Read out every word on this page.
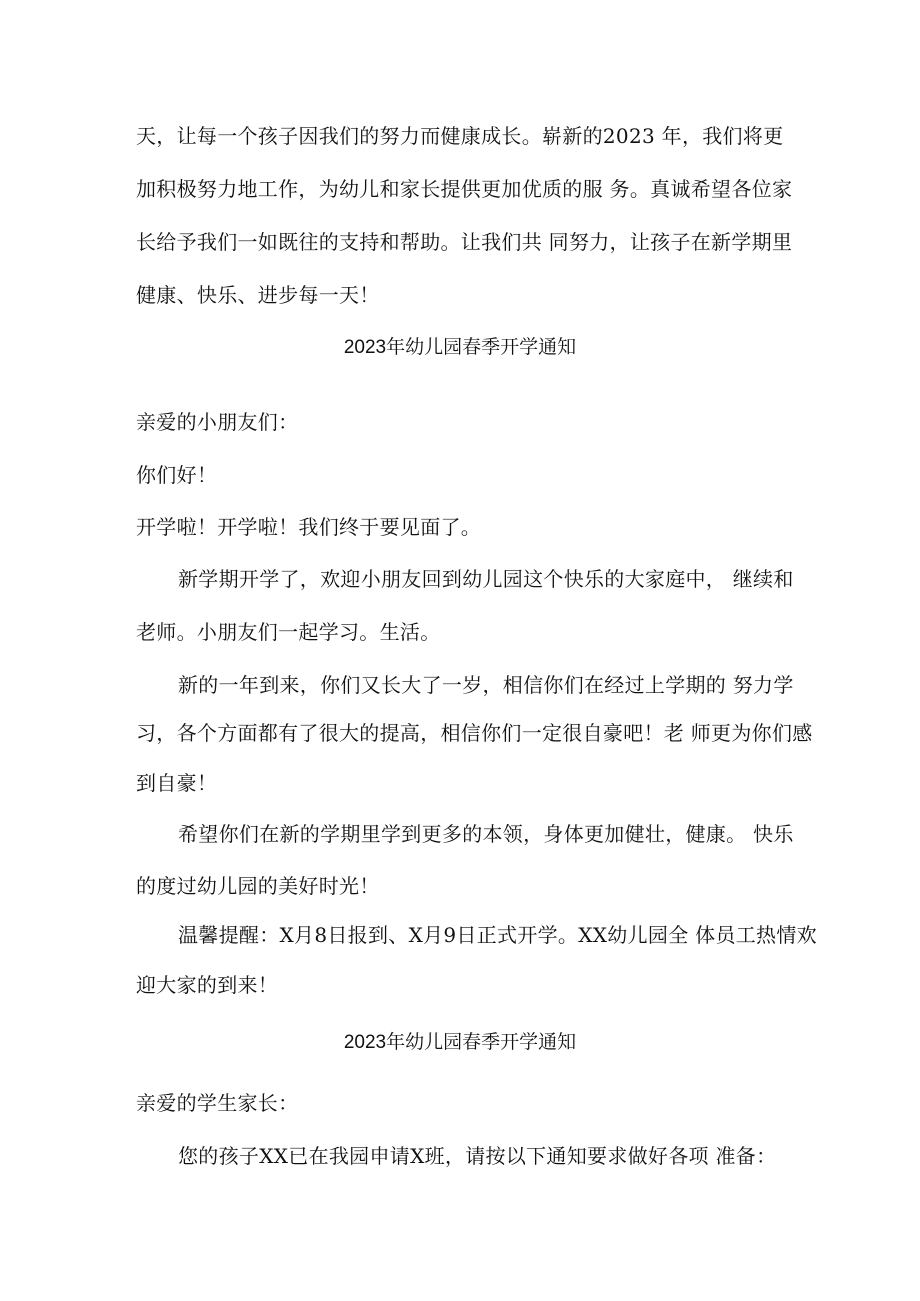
天，让每一个孩子因我们的努力而健康成长。崭新的2023 年，我们将更
加积极努力地工作，为幼儿和家长提供更加优质的服 务。真诚希望各位家
长给予我们一如既往的支持和帮助。让我们共 同努力，让孩子在新学期里
健康、快乐、进步每一天！
2023年幼儿园春季开学通知
亲爱的小朋友们：
你们好！
开学啦！开学啦！我们终于要见面了。
新学期开学了，欢迎小朋友回到幼儿园这个快乐的大家庭中， 继续和
老师。小朋友们一起学习。生活。
新的一年到来，你们又长大了一岁，相信你们在经过上学期的 努力学
习，各个方面都有了很大的提高，相信你们一定很自豪吧！老 师更为你们感
到自豪！
希望你们在新的学期里学到更多的本领，身体更加健壮，健康。 快乐
的度过幼儿园的美好时光！
温馨提醒：X月8日报到、X月9日正式开学。XX幼儿园全 体员工热情欢
迎大家的到来！
2023年幼儿园春季开学通知
亲爱的学生家长：
您的孩子XX已在我园申请X班，请按以下通知要求做好各项 准备：
